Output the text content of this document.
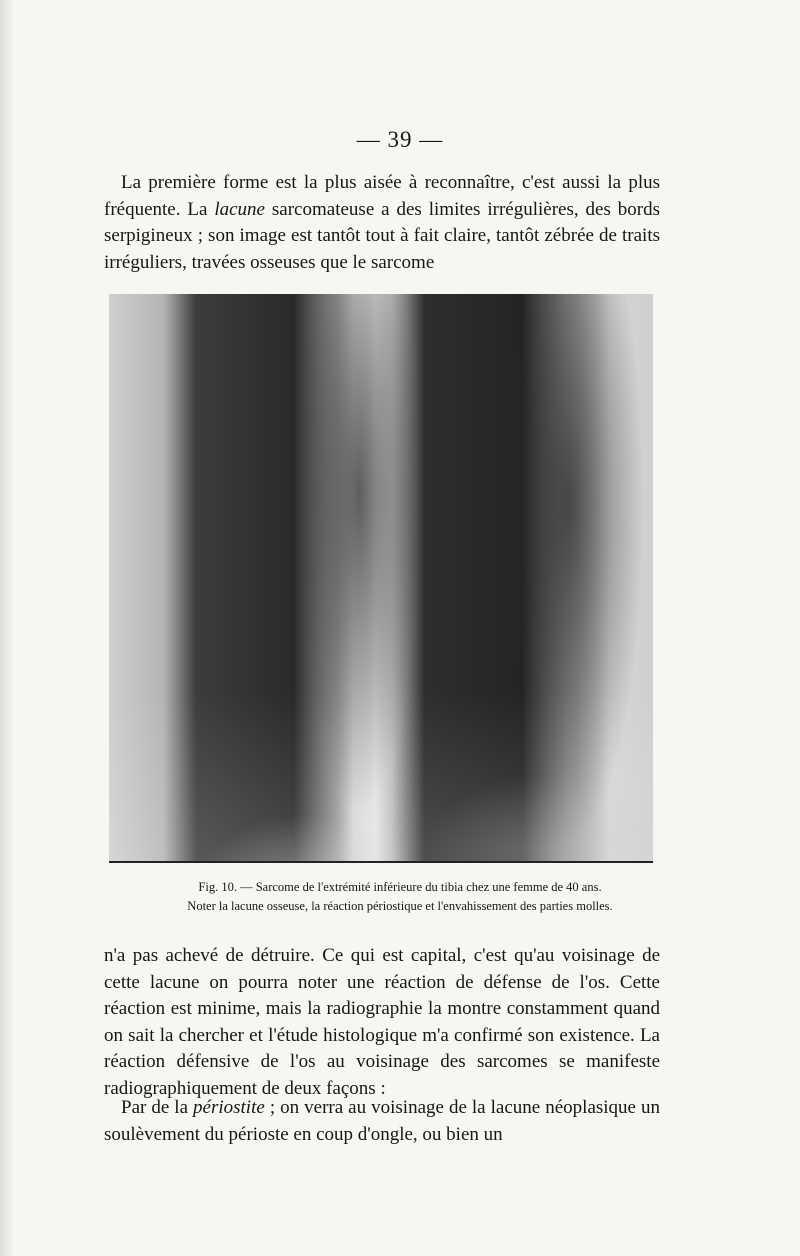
— 39 —

La première forme est la plus aisée à reconnaître, c'est aussi la plus fréquente. La lacune sarcomateuse a des limites irrégulières, des bords serpigineux ; son image est tantôt tout à fait claire, tantôt zébrée de traits irréguliers, travées osseuses que le sarcome

Fig. 10. — Sarcome de l'extrémité inférieure du tibia chez une femme de 40 ans.

Noter la lacune osseuse, la réaction périostique et l'envahissement des parties molles.

n'a pas achevé de détruire. Ce qui est capital, c'est qu'au voisinage de cette lacune on pourra noter une réaction de défense de l'os. Cette réaction est minime, mais la radiographie la montre constamment quand on sait la chercher et l'étude histologique m'a confirmé son existence. La réaction défensive de l'os au voisinage des sarcomes se manifeste radiographiquement de deux façons :

Par de la périostite ; on verra au voisinage de la lacune néoplasique un soulèvement du périoste en coup d'ongle, ou bien un
